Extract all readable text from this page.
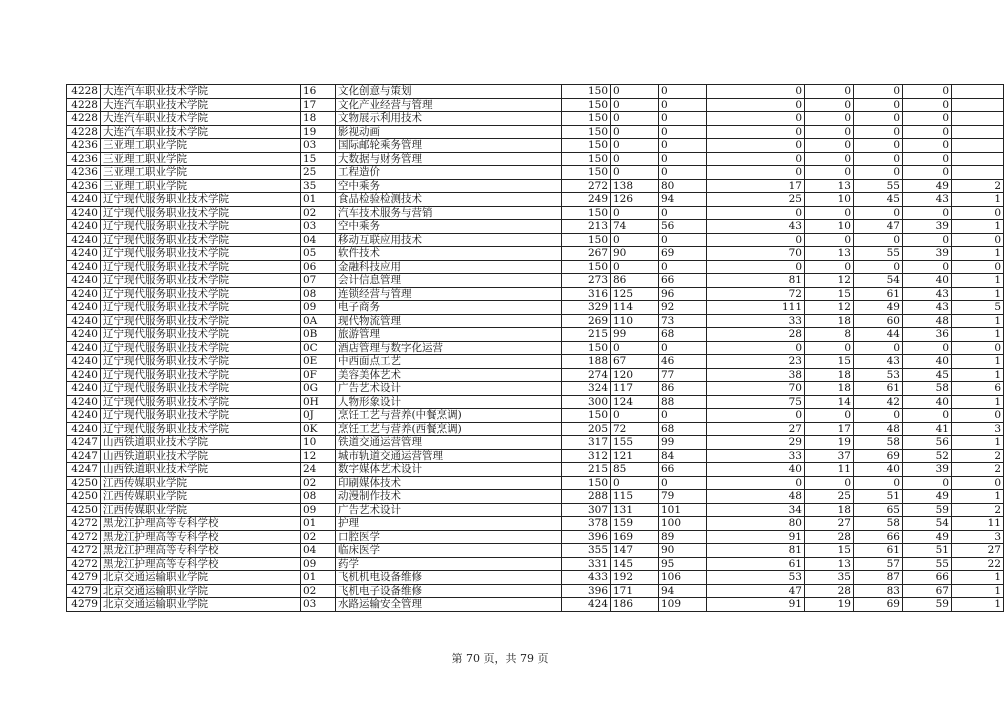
4228	大连汽车职业技术学院	16	文化创意与策划	150	0	0	0	0	0	0	
4228	大连汽车职业技术学院	17	文化产业经营与管理	150	0	0	0	0	0	0	
4228	大连汽车职业技术学院	18	文物展示利用技术	150	0	0	0	0	0	0	
4228	大连汽车职业技术学院	19	影视动画	150	0	0	0	0	0	0	
4236	三亚理工职业学院	03	国际邮轮乘务管理	150	0	0	0	0	0	0	
4236	三亚理工职业学院	15	大数据与财务管理	150	0	0	0	0	0	0	
4236	三亚理工职业学院	25	工程造价	150	0	0	0	0	0	0	
4236	三亚理工职业学院	35	空中乘务	272	138	80	17	13	55	49	2
4240	辽宁现代服务职业技术学院	01	食品检验检测技术	249	126	94	25	10	45	43	1
4240	辽宁现代服务职业技术学院	02	汽车技术服务与营销	150	0	0	0	0	0	0	0
4240	辽宁现代服务职业技术学院	03	空中乘务	213	74	56	43	10	47	39	1
4240	辽宁现代服务职业技术学院	04	移动互联应用技术	150	0	0	0	0	0	0	0
4240	辽宁现代服务职业技术学院	05	软件技术	267	90	69	70	13	55	39	1
4240	辽宁现代服务职业技术学院	06	金融科技应用	150	0	0	0	0	0	0	0
4240	辽宁现代服务职业技术学院	07	会计信息管理	273	86	66	81	12	54	40	1
4240	辽宁现代服务职业技术学院	08	连锁经营与管理	316	125	96	72	15	61	43	1
4240	辽宁现代服务职业技术学院	09	电子商务	329	114	92	111	12	49	43	5
4240	辽宁现代服务职业技术学院	0A	现代物流管理	269	110	73	33	18	60	48	1
4240	辽宁现代服务职业技术学院	0B	旅游管理	215	99	68	28	8	44	36	1
4240	辽宁现代服务职业技术学院	0C	酒店管理与数字化运营	150	0	0	0	0	0	0	0
4240	辽宁现代服务职业技术学院	0E	中西面点工艺	188	67	46	23	15	43	40	1
4240	辽宁现代服务职业技术学院	0F	美容美体艺术	274	120	77	38	18	53	45	1
4240	辽宁现代服务职业技术学院	0G	广告艺术设计	324	117	86	70	18	61	58	6
4240	辽宁现代服务职业技术学院	0H	人物形象设计	300	124	88	75	14	42	40	1
4240	辽宁现代服务职业技术学院	0J	烹饪工艺与营养(中餐烹调)	150	0	0	0	0	0	0	0
4240	辽宁现代服务职业技术学院	0K	烹饪工艺与营养(西餐烹调)	205	72	68	27	17	48	41	3
4247	山西铁道职业技术学院	10	铁道交通运营管理	317	155	99	29	19	58	56	1
4247	山西铁道职业技术学院	12	城市轨道交通运营管理	312	121	84	33	37	69	52	2
4247	山西铁道职业技术学院	24	数字媒体艺术设计	215	85	66	40	11	40	39	2
4250	江西传媒职业学院	02	印刷媒体技术	150	0	0	0	0	0	0	0
4250	江西传媒职业学院	08	动漫制作技术	288	115	79	48	25	51	49	1
4250	江西传媒职业学院	09	广告艺术设计	307	131	101	34	18	65	59	2
4272	黑龙江护理高等专科学校	01	护理	378	159	100	80	27	58	54	11
4272	黑龙江护理高等专科学校	02	口腔医学	396	169	89	91	28	66	49	3
4272	黑龙江护理高等专科学校	04	临床医学	355	147	90	81	15	61	51	27
4272	黑龙江护理高等专科学校	09	药学	331	145	95	61	13	57	55	22
4279	北京交通运输职业学院	01	飞机机电设备维修	433	192	106	53	35	87	66	1
4279	北京交通运输职业学院	02	飞机电子设备维修	396	171	94	47	28	83	67	1
4279	北京交通运输职业学院	03	水路运输安全管理	424	186	109	91	19	69	59	1
第 70 页，共 79 页
